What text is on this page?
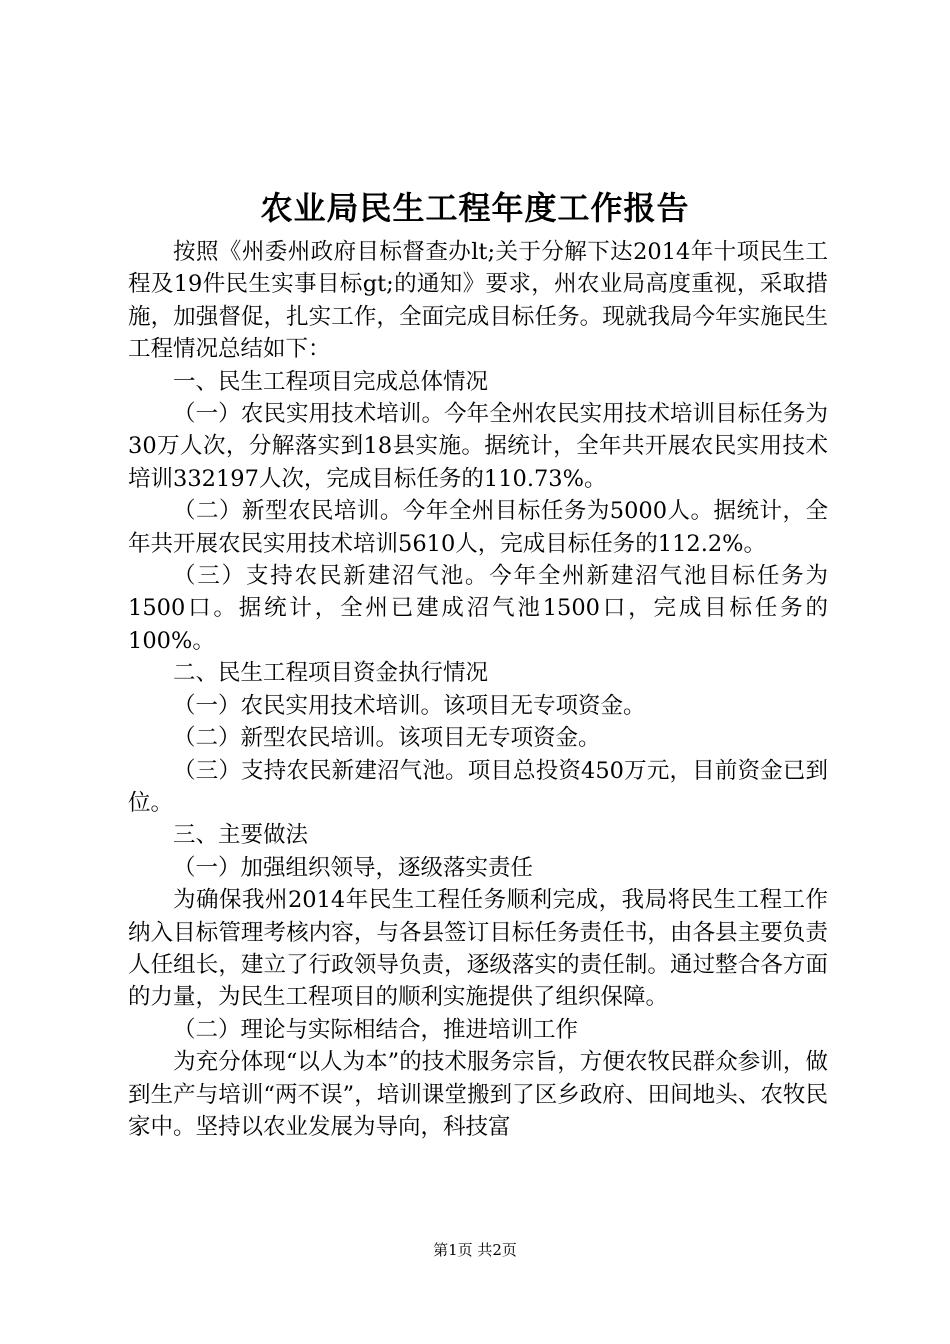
农业局民生工程年度工作报告

按照《州委州政府目标督查办lt;关于分解下达2014年十项民生工程及19件民生实事目标gt;的通知》要求，州农业局高度重视，采取措施，加强督促，扎实工作，全面完成目标任务。现就我局今年实施民生工程情况总结如下：

一、民生工程项目完成总体情况

（一）农民实用技术培训。今年全州农民实用技术培训目标任务为30万人次，分解落实到18县实施。据统计，全年共开展农民实用技术培训332197人次，完成目标任务的110.73%。

（二）新型农民培训。今年全州目标任务为5000人。据统计，全年共开展农民实用技术培训5610人，完成目标任务的112.2%。

（三）支持农民新建沼气池。今年全州新建沼气池目标任务为1500口。据统计，全州已建成沼气池1500口，完成目标任务的100%。

二、民生工程项目资金执行情况

（一）农民实用技术培训。该项目无专项资金。

（二）新型农民培训。该项目无专项资金。

（三）支持农民新建沼气池。项目总投资450万元，目前资金已到位。

三、主要做法

（一）加强组织领导，逐级落实责任

为确保我州2014年民生工程任务顺利完成，我局将民生工程工作纳入目标管理考核内容，与各县签订目标任务责任书，由各县主要负责人任组长，建立了行政领导负责，逐级落实的责任制。通过整合各方面的力量，为民生工程项目的顺利实施提供了组织保障。

（二）理论与实际相结合，推进培训工作

为充分体现“以人为本”的技术服务宗旨，方便农牧民群众参训，做到生产与培训“两不误”，培训课堂搬到了区乡政府、田间地头、农牧民家中。坚持以农业发展为导向，科技富

第1页 共2页
